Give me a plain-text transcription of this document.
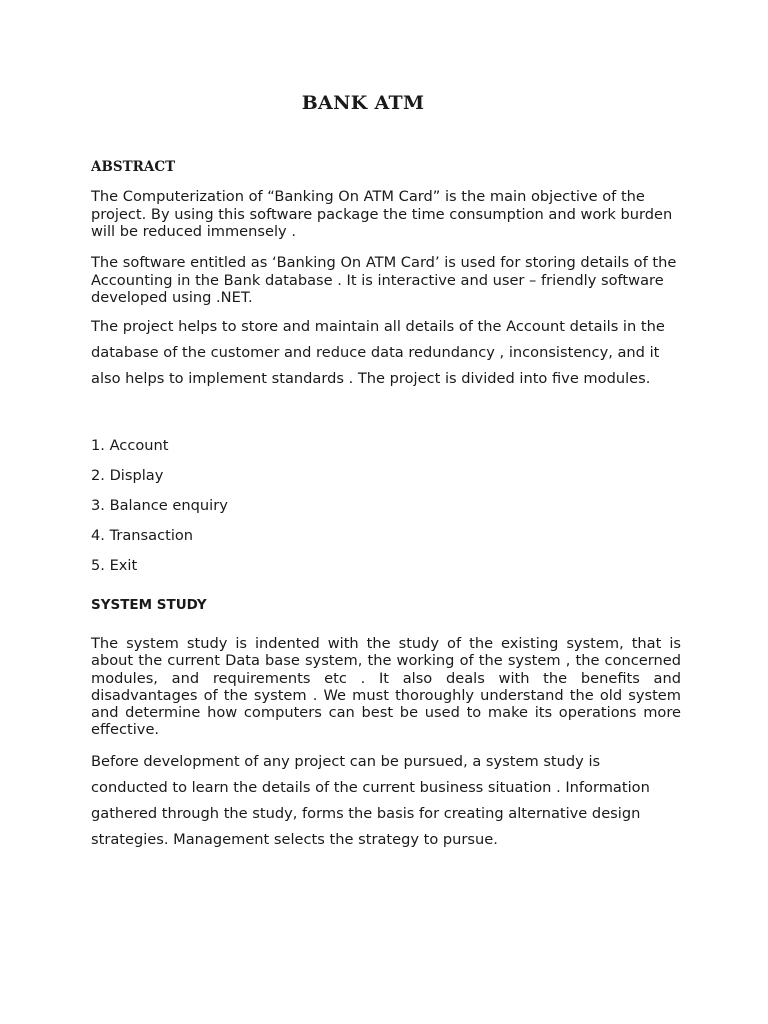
BANK ATM
ABSTRACT

The Computerization of “Banking On ATM Card” is the main objective of the project. By using this software package the time consumption and work burden will be reduced immensely .

The software entitled as ‘Banking On ATM Card’ is used for storing details of the Accounting in the Bank database . It is interactive and user – friendly software developed using .NET.

The project helps to store and maintain all details of the Account details in the database of the customer and reduce data redundancy , inconsistency, and it also helps to implement standards . The project is divided into five modules.

1. Account
2. Display
3. Balance enquiry
4. Transaction
5. Exit
SYSTEM STUDY

The system study is indented with the study of the existing system, that is about the current Data base system, the working of the system , the concerned modules, and requirements etc . It also deals with the benefits and disadvantages of the system . We must thoroughly understand the old system and determine how computers can best be used to make its operations more effective.

Before development of any project can be pursued, a system study is conducted to learn the details of the current business situation . Information gathered through the study, forms the basis for creating alternative design strategies. Management selects the strategy to pursue.
